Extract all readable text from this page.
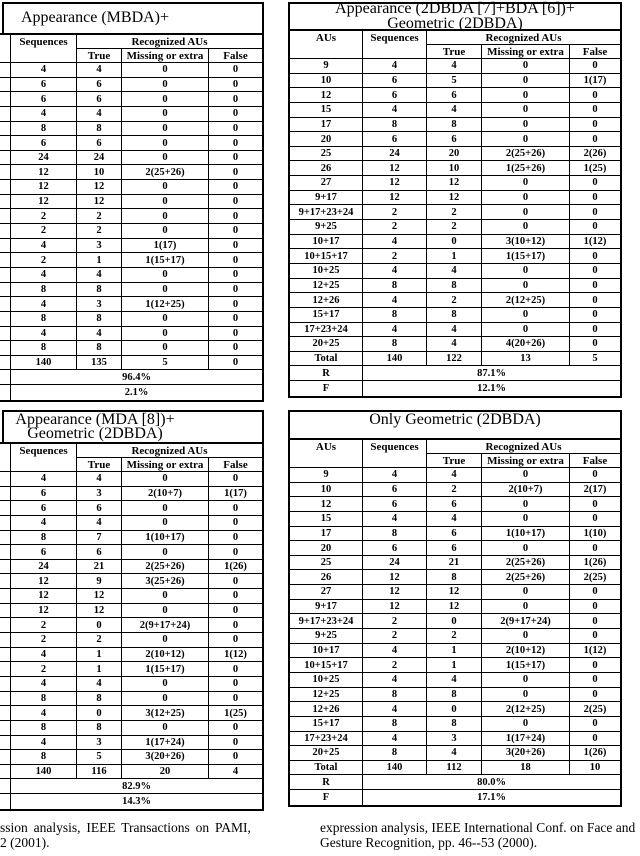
Appearance (MBDA)+
Sequences	Recognized AUs
True	Missing or extra	False
4	4	0	0
6	6	0	0
6	6	0	0
4	4	0	0
8	8	0	0
6	6	0	0
24	24	0	0
12	10	2(25+26)	0
12	12	0	0
12	12	0	0
2	2	0	0
2	2	0	0
4	3	1(17)	0
2	1	1(15+17)	0
4	4	0	0
8	8	0	0
4	3	1(12+25)	0
8	8	0	0
4	4	0	0
8	8	0	0
140	135	5	0
96.4%
2.1%
Appearance (2DBDA [7]+BDA [6])+
Geometric (2DBDA)
AUs	Sequences	Recognized AUs
True	Missing or extra	False
9	4	4	0	0
10	6	5	0	1(17)
12	6	6	0	0
15	4	4	0	0
17	8	8	0	0
20	6	6	0	0
25	24	20	2(25+26)	2(26)
26	12	10	1(25+26)	1(25)
27	12	12	0	0
9+17	12	12	0	0
9+17+23+24	2	2	0	0
9+25	2	2	0	0
10+17	4	0	3(10+12)	1(12)
10+15+17	2	1	1(15+17)	0
10+25	4	4	0	0
12+25	8	8	0	0
12+26	4	2	2(12+25)	0
15+17	8	8	0	0
17+23+24	4	4	0	0
20+25	8	4	4(20+26)	0
Total	140	122	13	5
R	87.1%
F	12.1%
Appearance (MDA [8])+
Geometric (2DBDA)
Sequences	Recognized AUs
True	Missing or extra	False
4	4	0	0
6	3	2(10+7)	1(17)
6	6	0	0
4	4	0	0
8	7	1(10+17)	0
6	6	0	0
24	21	2(25+26)	1(26)
12	9	3(25+26)	0
12	12	0	0
12	12	0	0
2	0	2(9+17+24)	0
2	2	0	0
4	1	2(10+12)	1(12)
2	1	1(15+17)	0
4	4	0	0
8	8	0	0
4	0	3(12+25)	1(25)
8	8	0	0
4	3	1(17+24)	0
8	5	3(20+26)	0
140	116	20	4
82.9%
14.3%
Only Geometric (2DBDA)
AUs	Sequences	Recognized AUs
True	Missing or extra	False
9	4	4	0	0
10	6	2	2(10+7)	2(17)
12	6	6	0	0
15	4	4	0	0
17	8	6	1(10+17)	1(10)
20	6	6	0	0
25	24	21	2(25+26)	1(26)
26	12	8	2(25+26)	2(25)
27	12	12	0	0
9+17	12	12	0	0
9+17+23+24	2	0	2(9+17+24)	0
9+25	2	2	0	0
10+17	4	1	2(10+12)	1(12)
10+15+17	2	1	1(15+17)	0
10+25	4	4	0	0
12+25	8	8	0	0
12+26	4	0	2(12+25)	2(25)
15+17	8	8	0	0
17+23+24	4	3	1(17+24)	0
20+25	8	4	3(20+26)	1(26)
Total	140	112	18	10
R	80.0%
F	17.1%
ssion analysis, IEEE Transactions on PAMI,
2 (2001).
expression analysis, IEEE International Conf. on Face and
Gesture Recognition, pp. 46--53 (2000).
